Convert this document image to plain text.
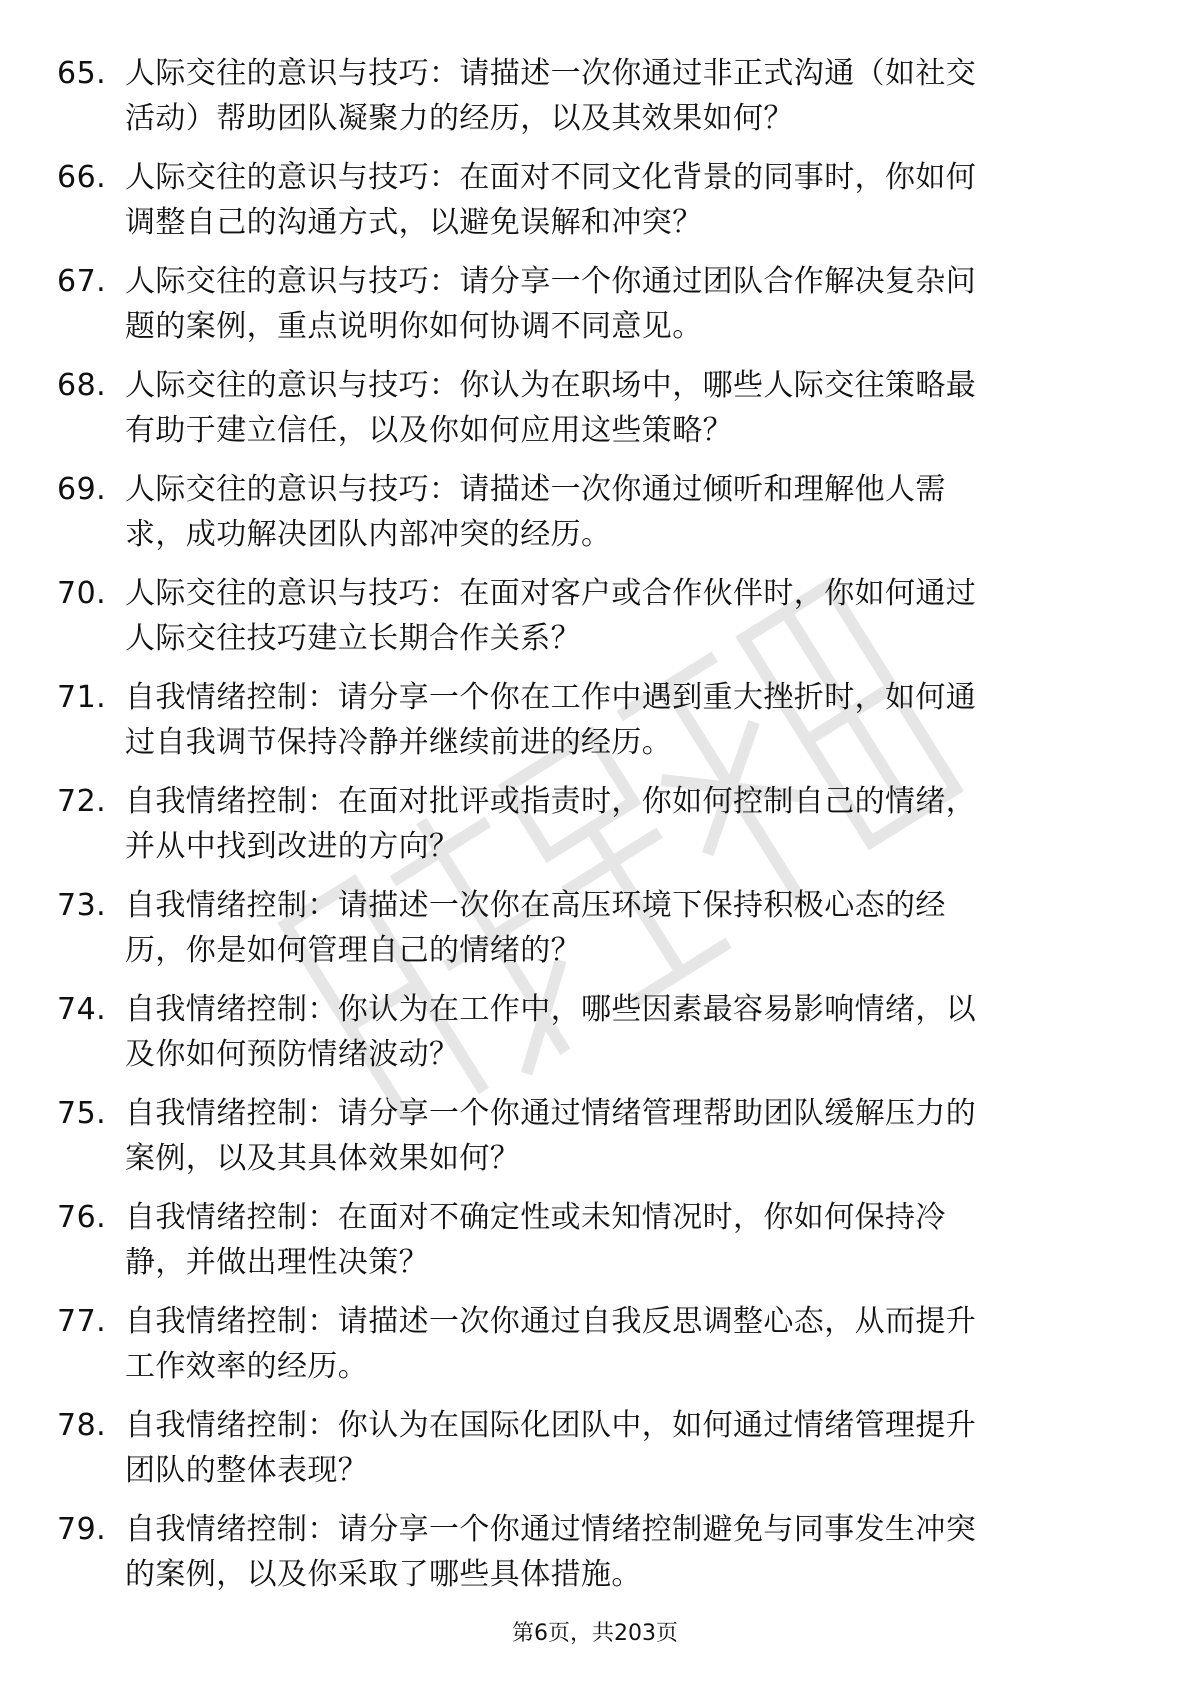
65. 人际交往的意识与技巧：请描述一次你通过非正式沟通（如社交
活动）帮助团队凝聚力的经历，以及其效果如何？
66. 人际交往的意识与技巧：在面对不同文化背景的同事时，你如何
调整自己的沟通方式，以避免误解和冲突？
67. 人际交往的意识与技巧：请分享一个你通过团队合作解决复杂问
题的案例，重点说明你如何协调不同意见。
68. 人际交往的意识与技巧：你认为在职场中，哪些人际交往策略最
有助于建立信任，以及你如何应用这些策略？
69. 人际交往的意识与技巧：请描述一次你通过倾听和理解他人需
求，成功解决团队内部冲突的经历。
70. 人际交往的意识与技巧：在面对客户或合作伙伴时，你如何通过
人际交往技巧建立长期合作关系？
71. 自我情绪控制：请分享一个你在工作中遇到重大挫折时，如何通
过自我调节保持冷静并继续前进的经历。
72. 自我情绪控制：在面对批评或指责时，你如何控制自己的情绪，
并从中找到改进的方向？
73. 自我情绪控制：请描述一次你在高压环境下保持积极心态的经
历，你是如何管理自己的情绪的？
74. 自我情绪控制：你认为在工作中，哪些因素最容易影响情绪，以
及你如何预防情绪波动？
75. 自我情绪控制：请分享一个你通过情绪管理帮助团队缓解压力的
案例，以及其具体效果如何？
76. 自我情绪控制：在面对不确定性或未知情况时，你如何保持冷
静，并做出理性决策？
77. 自我情绪控制：请描述一次你通过自我反思调整心态，从而提升
工作效率的经历。
78. 自我情绪控制：你认为在国际化团队中，如何通过情绪管理提升
团队的整体表现？
79. 自我情绪控制：请分享一个你通过情绪控制避免与同事发生冲突
的案例，以及你采取了哪些具体措施。
第6页，共203页
